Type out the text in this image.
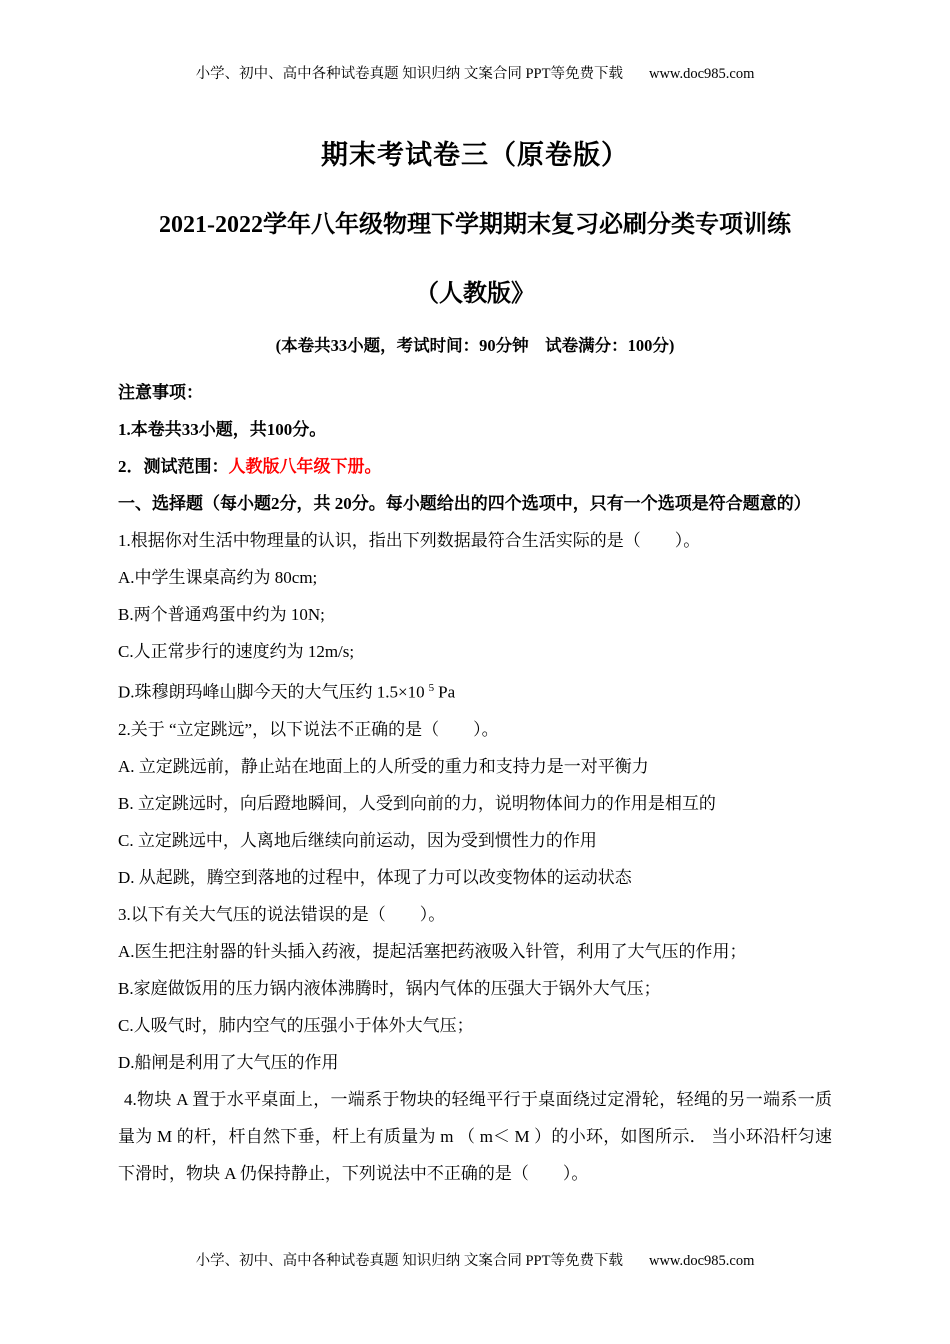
小学、初中、高中各种试卷真题 知识归纳 文案合同 PPT等免费下载 www.doc985.com
期末考试卷三（原卷版）
2021-2022学年八年级物理下学期期末复习必刷分类专项训练
（人教版》
(本卷共33小题，考试时间：90分钟　试卷满分：100分)

注意事项：

1.本卷共33小题，共100分。

2．测试范围：人教版八年级下册。

一、选择题（每小题2分，共 20分。每小题给出的四个选项中，只有一个选项是符合题意的）

1.根据你对生活中物理量的认识，指出下列数据最符合生活实际的是（　　）。

A.中学生课桌高约为 80cm;

B.两个普通鸡蛋中约为 10N;

C.人正常步行的速度约为 12m/s;

D.珠穆朗玛峰山脚今天的大气压约 1.5×10 $^5$ Pa

2.关于 “立定跳远”，以下说法不正确的是（　　）。

A. 立定跳远前，静止站在地面上的人所受的重力和支持力是一对平衡力

B. 立定跳远时，向后蹬地瞬间，人受到向前的力，说明物体间力的作用是相互的

C. 立定跳远中，人离地后继续向前运动，因为受到惯性力的作用

D. 从起跳，腾空到落地的过程中，体现了力可以改变物体的运动状态

3.以下有关大气压的说法错误的是（　　）。

A.医生把注射器的针头插入药液，提起活塞把药液吸入针管，利用了大气压的作用；

B.家庭做饭用的压力锅内液体沸腾时，锅内气体的压强大于锅外大气压；

C.人吸气时，肺内空气的压强小于体外大气压；

D.船闸是利用了大气压的作用

4.物块 A 置于水平桌面上，一端系于物块的轻绳平行于桌面绕过定滑轮，轻绳的另一端系一质量为 M 的杆，杆自然下垂，杆上有质量为 m （ m＜ M ）的小环，如图所示． 当小环沿杆匀速下滑时，物块 A 仍保持静止，下列说法中不正确的是（　　）。

小学、初中、高中各种试卷真题 知识归纳 文案合同 PPT等免费下载 www.doc985.com
